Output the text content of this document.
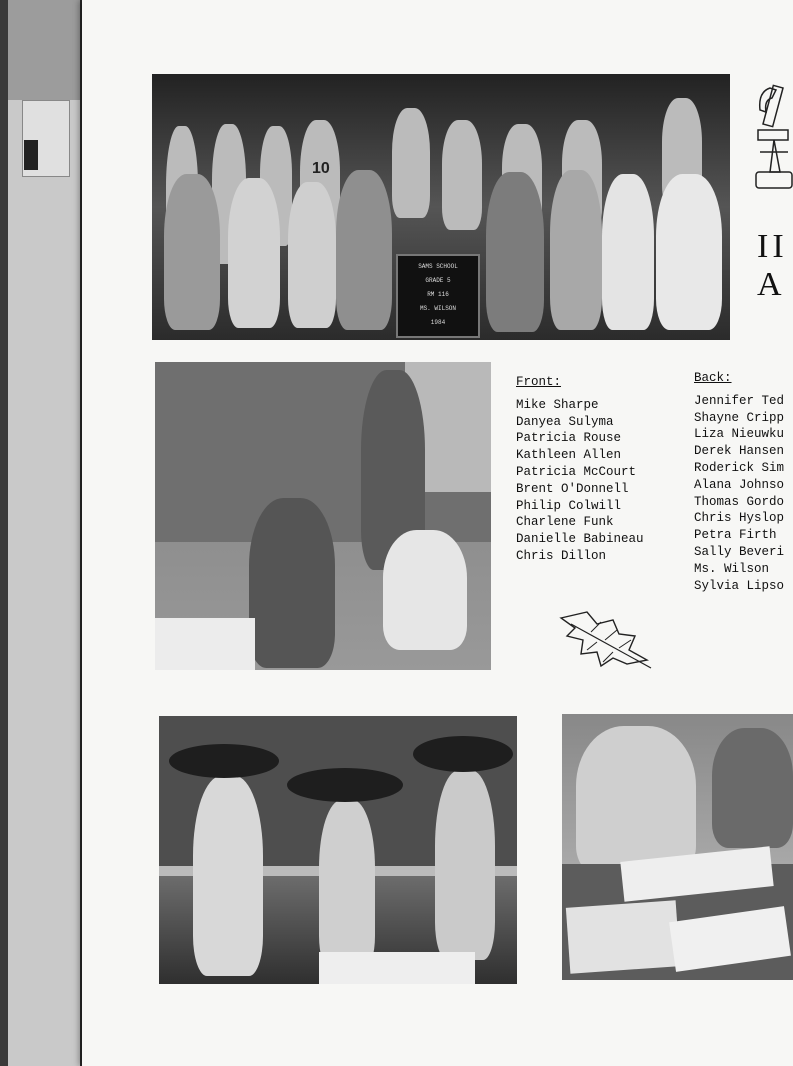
10
SAMS SCHOOL
GRADE 5
RM 116
MS. WILSON
1984
II A
Front:
Mike Sharpe
Danyea Sulyma
Patricia Rouse
Kathleen Allen
Patricia McCourt
Brent O'Donnell
Philip Colwill
Charlene Funk
Danielle Babineau
Chris Dillon
Back:
Jennifer Ted
Shayne Cripp
Liza Nieuwku
Derek Hansen
Roderick Sim
Alana Johnso
Thomas Gordo
Chris Hyslop
Petra Firth
Sally Beveri
Ms. Wilson
Sylvia Lipso
